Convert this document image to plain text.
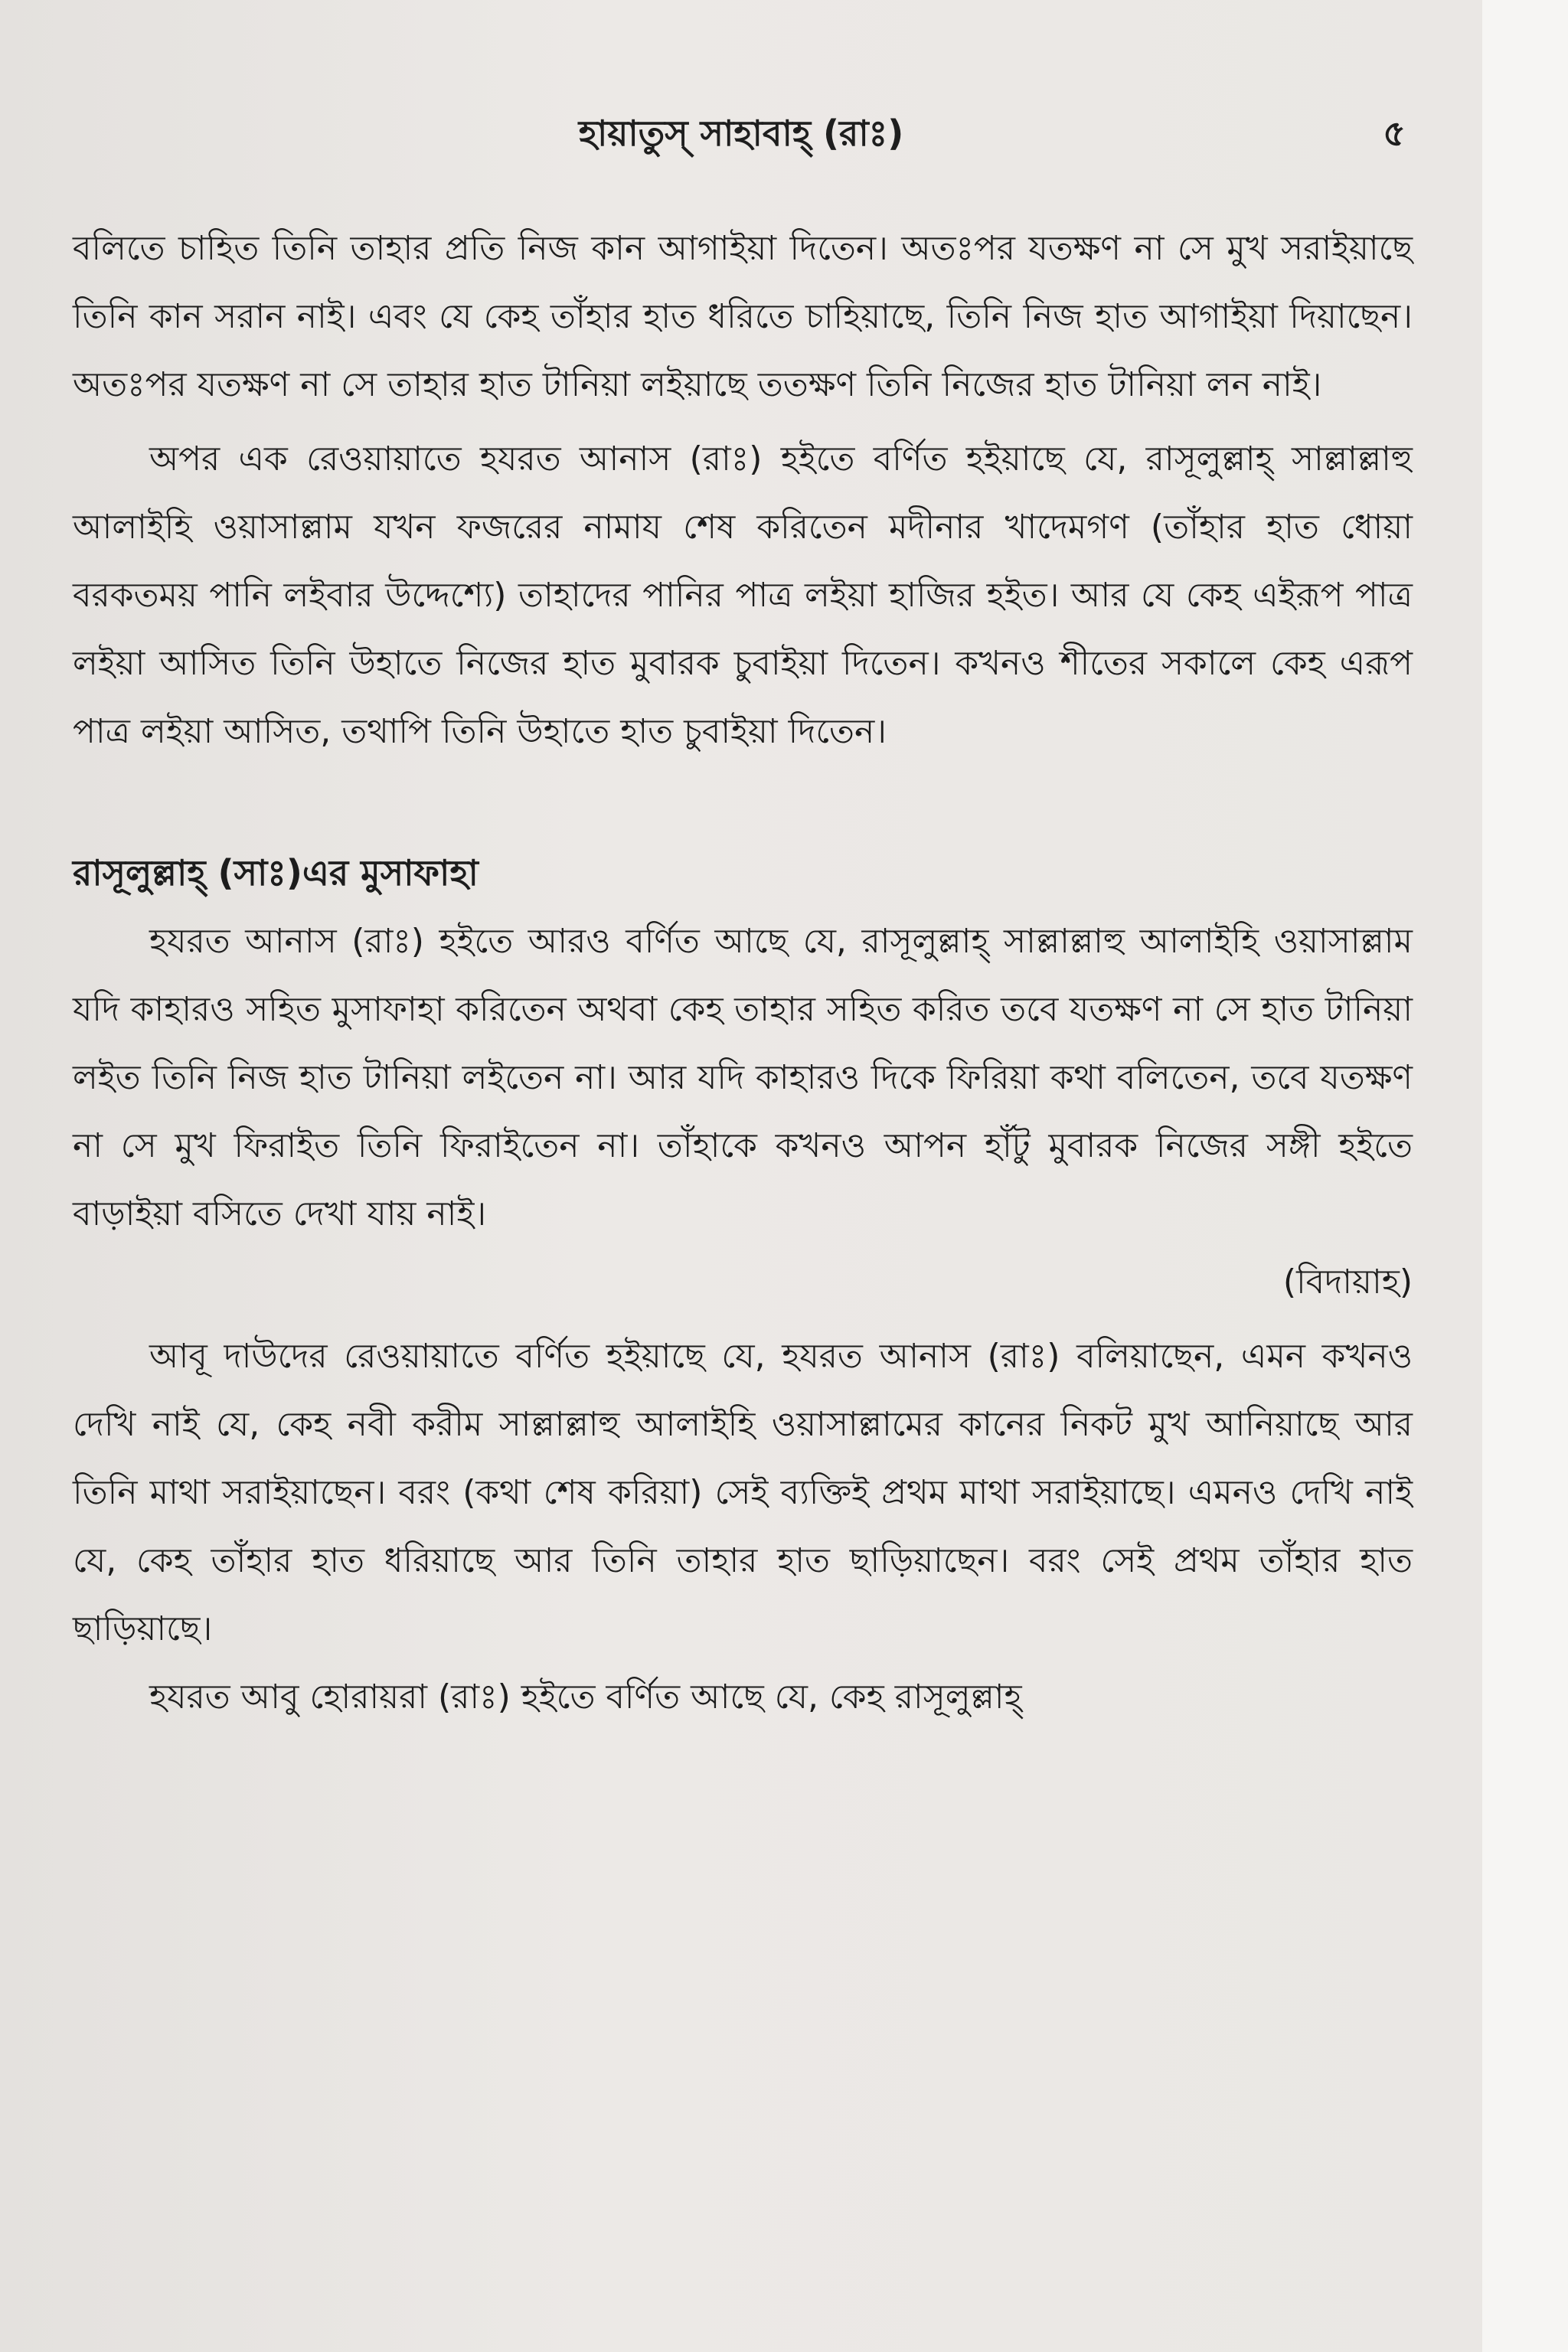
হায়াতুস্ সাহাবাহ্ (রাঃ)	৫

বলিতে চাহিত তিনি তাহার প্রতি নিজ কান আগাইয়া দিতেন। অতঃপর যতক্ষণ না সে মুখ সরাইয়াছে তিনি কান সরান নাই। এবং যে কেহ তাঁহার হাত ধরিতে চাহিয়াছে, তিনি নিজ হাত আগাইয়া দিয়াছেন। অতঃপর যতক্ষণ না সে তাহার হাত টানিয়া লইয়াছে ততক্ষণ তিনি নিজের হাত টানিয়া লন নাই।

অপর এক রেওয়ায়াতে হযরত আনাস (রাঃ) হইতে বর্ণিত হইয়াছে যে, রাসূলুল্লাহ্ সাল্লাল্লাহু আলাইহি ওয়াসাল্লাম যখন ফজরের নামায শেষ করিতেন মদীনার খাদেমগণ (তাঁহার হাত ধোয়া বরকতময় পানি লইবার উদ্দেশ্যে) তাহাদের পানির পাত্র লইয়া হাজির হইত। আর যে কেহ এইরূপ পাত্র লইয়া আসিত তিনি উহাতে নিজের হাত মুবারক চুবাইয়া দিতেন। কখনও শীতের সকালে কেহ এরূপ পাত্র লইয়া আসিত, তথাপি তিনি উহাতে হাত চুবাইয়া দিতেন।

রাসূলুল্লাহ্ (সাঃ)এর মুসাফাহা

হযরত আনাস (রাঃ) হইতে আরও বর্ণিত আছে যে, রাসূলুল্লাহ্ সাল্লাল্লাহু আলাইহি ওয়াসাল্লাম যদি কাহারও সহিত মুসাফাহা করিতেন অথবা কেহ তাহার সহিত করিত তবে যতক্ষণ না সে হাত টানিয়া লইত তিনি নিজ হাত টানিয়া লইতেন না। আর যদি কাহারও দিকে ফিরিয়া কথা বলিতেন, তবে যতক্ষণ না সে মুখ ফিরাইত তিনি ফিরাইতেন না। তাঁহাকে কখনও আপন হাঁটু মুবারক নিজের সঙ্গী হইতে বাড়াইয়া বসিতে দেখা যায় নাই।
(বিদায়াহ)

আবূ দাউদের রেওয়ায়াতে বর্ণিত হইয়াছে যে, হযরত আনাস (রাঃ) বলিয়াছেন, এমন কখনও দেখি নাই যে, কেহ নবী করীম সাল্লাল্লাহু আলাইহি ওয়াসাল্লামের কানের নিকট মুখ আনিয়াছে আর তিনি মাথা সরাইয়াছেন। বরং (কথা শেষ করিয়া) সেই ব্যক্তিই প্রথম মাথা সরাইয়াছে। এমনও দেখি নাই যে, কেহ তাঁহার হাত ধরিয়াছে আর তিনি তাহার হাত ছাড়িয়াছেন। বরং সেই প্রথম তাঁহার হাত ছাড়িয়াছে।

হযরত আবু হোরায়রা (রাঃ) হইতে বর্ণিত আছে যে, কেহ রাসূলুল্লাহ্
